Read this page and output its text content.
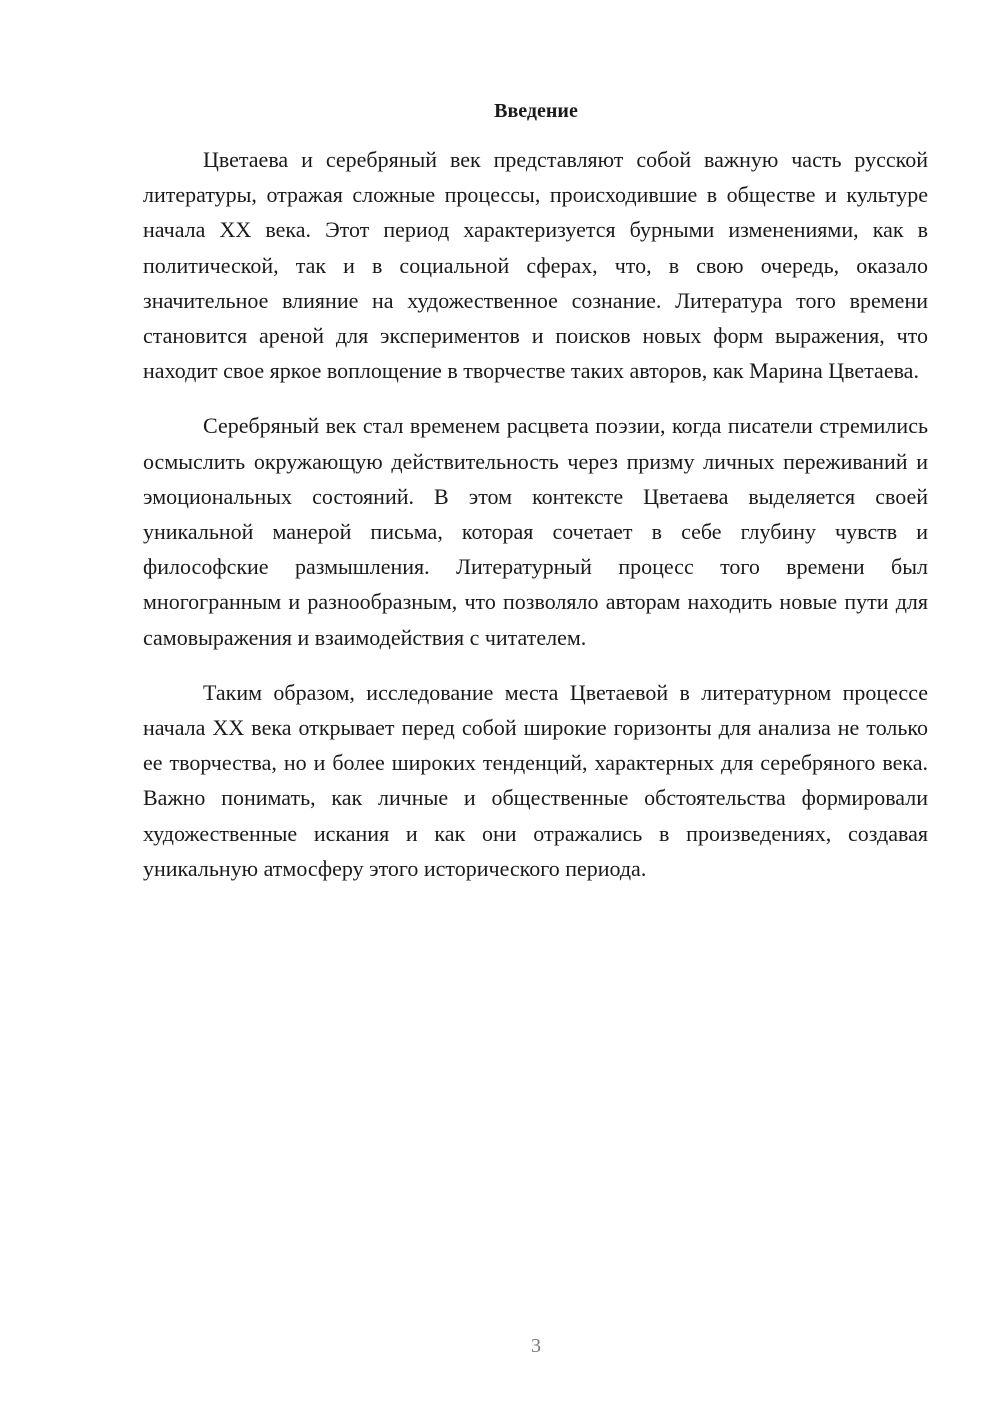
Введение

Цветаева и серебряный век представляют собой важную часть русской литературы, отражая сложные процессы, происходившие в обществе и культуре начала XX века. Этот период характеризуется бурными изменениями, как в политической, так и в социальной сферах, что, в свою очередь, оказало значительное влияние на художественное сознание. Литература того времени становится ареной для экспериментов и поисков новых форм выражения, что находит свое яркое воплощение в творчестве таких авторов, как Марина Цветаева.

Серебряный век стал временем расцвета поэзии, когда писатели стремились осмыслить окружающую действительность через призму личных переживаний и эмоциональных состояний. В этом контексте Цветаева выделяется своей уникальной манерой письма, которая сочетает в себе глубину чувств и философские размышления. Литературный процесс того времени был многогранным и разнообразным, что позволяло авторам находить новые пути для самовыражения и взаимодействия с читателем.

Таким образом, исследование места Цветаевой в литературном процессе начала XX века открывает перед собой широкие горизонты для анализа не только ее творчества, но и более широких тенденций, характерных для серебряного века. Важно понимать, как личные и общественные обстоятельства формировали художественные искания и как они отражались в произведениях, создавая уникальную атмосферу этого исторического периода.

3
